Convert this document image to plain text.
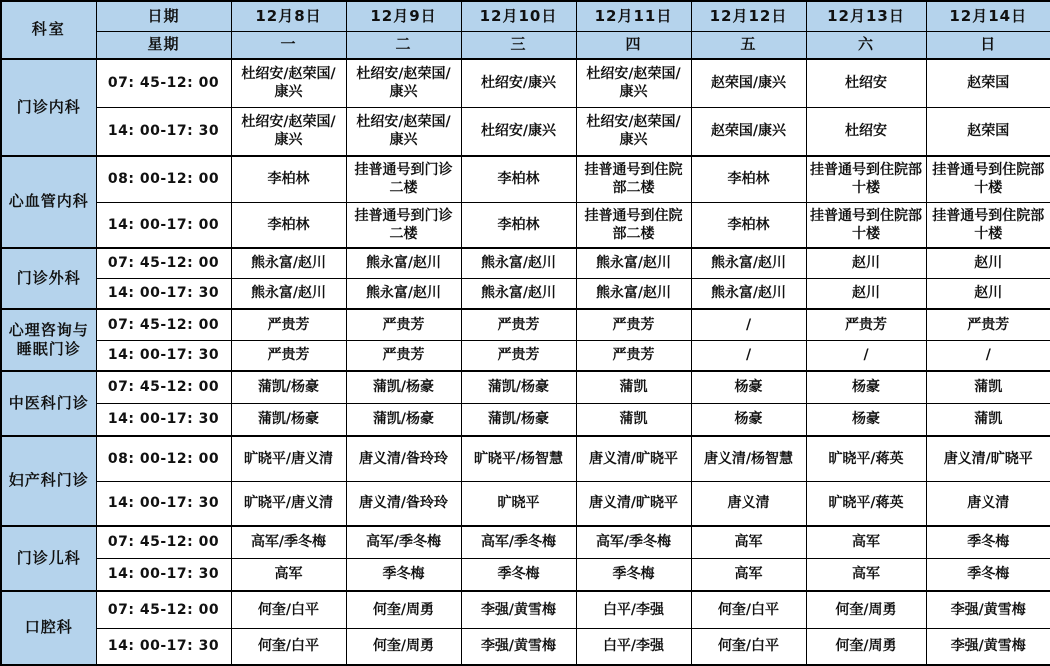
科室	日期	12月8日	12月9日	12月10日	12月11日	12月12日	12月13日	12月14日
	星期	一	二	三	四	五	六	日
门诊内科	07: 45-12: 00	杜绍安/赵荣国/康兴	杜绍安/赵荣国/康兴	杜绍安/康兴	杜绍安/赵荣国/康兴	赵荣国/康兴	杜绍安	赵荣国
	14: 00-17: 30	杜绍安/赵荣国/康兴	杜绍安/赵荣国/康兴	杜绍安/康兴	杜绍安/赵荣国/康兴	赵荣国/康兴	杜绍安	赵荣国
心血管内科	08: 00-12: 00	李柏林	挂普通号到门诊二楼	李柏林	挂普通号到住院部二楼	李柏林	挂普通号到住院部十楼	挂普通号到住院部十楼
	14: 00-17: 00	李柏林	挂普通号到门诊二楼	李柏林	挂普通号到住院部二楼	李柏林	挂普通号到住院部十楼	挂普通号到住院部十楼
门诊外科	07: 45-12: 00	熊永富/赵川	熊永富/赵川	熊永富/赵川	熊永富/赵川	熊永富/赵川	赵川	赵川
	14: 00-17: 30	熊永富/赵川	熊永富/赵川	熊永富/赵川	熊永富/赵川	熊永富/赵川	赵川	赵川
心理咨询与睡眠门诊	07: 45-12: 00	严贵芳	严贵芳	严贵芳	严贵芳	/	严贵芳	严贵芳
	14: 00-17: 30	严贵芳	严贵芳	严贵芳	严贵芳	/	/	/
中医科门诊	07: 45-12: 00	蒲凯/杨豪	蒲凯/杨豪	蒲凯/杨豪	蒲凯	杨豪	杨豪	蒲凯
	14: 00-17: 30	蒲凯/杨豪	蒲凯/杨豪	蒲凯/杨豪	蒲凯	杨豪	杨豪	蒲凯
妇产科门诊	08: 00-12: 00	旷晓平/唐义清	唐义清/昝玲玲	旷晓平/杨智慧	唐义清/旷晓平	唐义清/杨智慧	旷晓平/蒋英	唐义清/旷晓平
	14: 00-17: 30	旷晓平/唐义清	唐义清/昝玲玲	旷晓平	唐义清/旷晓平	唐义清	旷晓平/蒋英	唐义清
门诊儿科	07: 45-12: 00	高军/季冬梅	高军/季冬梅	高军/季冬梅	高军/季冬梅	高军	高军	季冬梅
	14: 00-17: 30	高军	季冬梅	季冬梅	季冬梅	高军	高军	季冬梅
口腔科	07: 45-12: 00	何奎/白平	何奎/周勇	李强/黄雪梅	白平/李强	何奎/白平	何奎/周勇	李强/黄雪梅
	14: 00-17: 30	何奎/白平	何奎/周勇	李强/黄雪梅	白平/李强	何奎/白平	何奎/周勇	李强/黄雪梅
